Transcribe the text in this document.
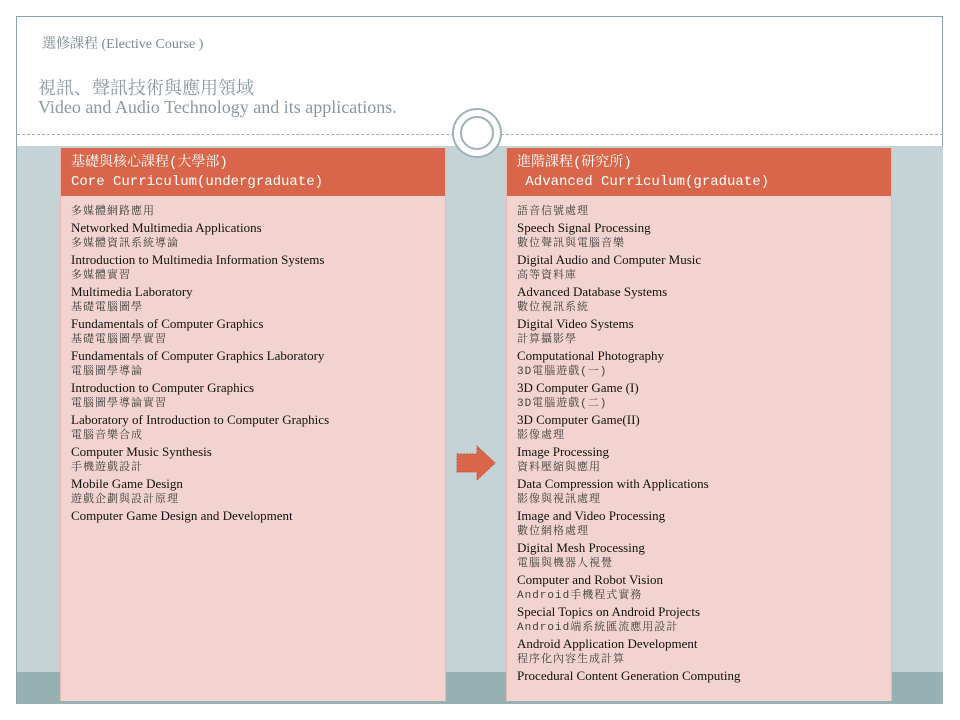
選修課程 (Elective Course )
視訊、聲訊技術與應用領域
Video and Audio Technology and its applications.
基礎與核心課程(大學部)
Core Curriculum(undergraduate)
多媒體網路應用
Networked Multimedia Applications
多媒體資訊系統導論
Introduction to Multimedia Information Systems
多媒體實習
Multimedia Laboratory
基礎電腦圖學
Fundamentals of Computer Graphics
基礎電腦圖學實習
Fundamentals of Computer Graphics Laboratory
電腦圖學導論
Introduction to Computer Graphics
電腦圖學導論實習
Laboratory of Introduction to Computer Graphics
電腦音樂合成
Computer Music Synthesis
手機遊戲設計
Mobile Game Design
遊戲企劃與設計原理
Computer Game Design and Development
進階課程(研究所)
Advanced Curriculum(graduate)
語音信號處理
Speech Signal Processing
數位聲訊與電腦音樂
Digital Audio and Computer Music
高等資料庫
Advanced Database Systems
數位視訊系統
Digital Video Systems
計算攝影學
Computational Photography
3D電腦遊戲(一)
3D Computer Game (I)
3D電腦遊戲(二)
3D Computer Game(II)
影像處理
Image Processing
資料壓縮與應用
Data Compression with Applications
影像與視訊處理
Image and Video Processing
數位網格處理
Digital Mesh Processing
電腦與機器人視覺
Computer and Robot Vision
Android手機程式實務
Special Topics on Android Projects
Android端系統匯流應用設計
Android Application Development
程序化內容生成計算
Procedural Content Generation Computing
